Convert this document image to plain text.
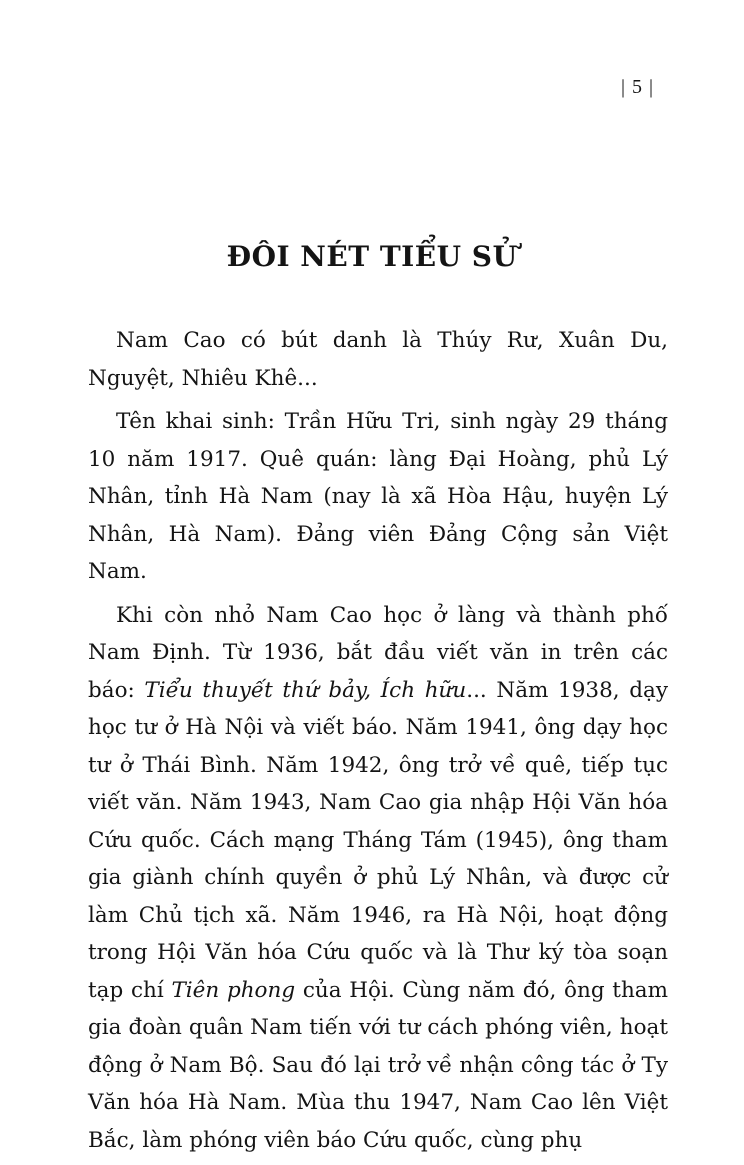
| 5 |
ĐÔI NÉT TIỂU SỬ

Nam Cao có bút danh là Thúy Rư, Xuân Du, Nguyệt, Nhiêu Khê...

Tên khai sinh: Trần Hữu Tri, sinh ngày 29 tháng 10 năm 1917. Quê quán: làng Đại Hoàng, phủ Lý Nhân, tỉnh Hà Nam (nay là xã Hòa Hậu, huyện Lý Nhân, Hà Nam). Đảng viên Đảng Cộng sản Việt Nam.

Khi còn nhỏ Nam Cao học ở làng và thành phố Nam Định. Từ 1936, bắt đầu viết văn in trên các báo: Tiểu thuyết thứ bảy, Ích hữu... Năm 1938, dạy học tư ở Hà Nội và viết báo. Năm 1941, ông dạy học tư ở Thái Bình. Năm 1942, ông trở về quê, tiếp tục viết văn. Năm 1943, Nam Cao gia nhập Hội Văn hóa Cứu quốc. Cách mạng Tháng Tám (1945), ông tham gia giành chính quyền ở phủ Lý Nhân, và được cử làm Chủ tịch xã. Năm 1946, ra Hà Nội, hoạt động trong Hội Văn hóa Cứu quốc và là Thư ký tòa soạn tạp chí Tiên phong của Hội. Cùng năm đó, ông tham gia đoàn quân Nam tiến với tư cách phóng viên, hoạt động ở Nam Bộ. Sau đó lại trở về nhận công tác ở Ty Văn hóa Hà Nam. Mùa thu 1947, Nam Cao lên Việt Bắc, làm phóng viên báo Cứu quốc, cùng phụ
